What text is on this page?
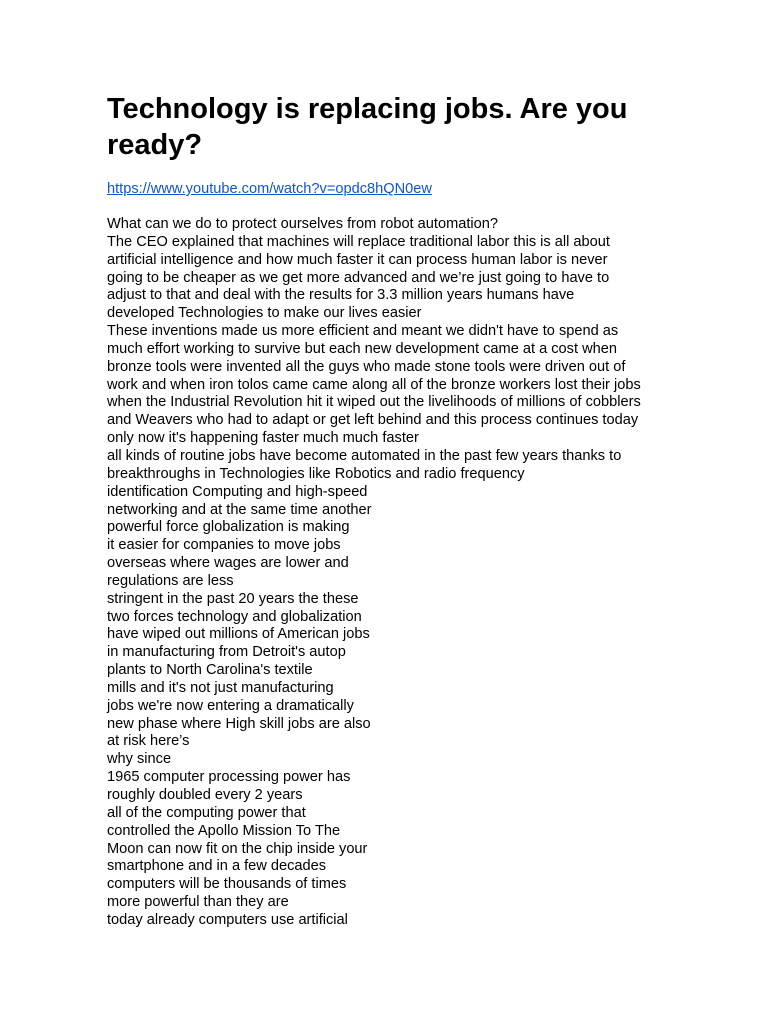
Technology is replacing jobs. Are you ready?
https://www.youtube.com/watch?v=opdc8hQN0ew
What can we do to protect ourselves from robot automation?
The CEO explained that machines will replace traditional labor this is all about
artificial intelligence and how much faster it can process human labor is never
going to be cheaper as we get more advanced and we’re just going to have to
adjust to that and deal with the results for 3.3 million years humans have
developed Technologies to make our lives easier
These inventions made us more efficient and meant we didn't have to spend as
much effort working to survive but each new development came at a cost when
bronze tools were invented all the guys who made stone tools were driven out of
work and when iron tolos came came along all of the bronze workers lost their jobs
when the Industrial Revolution hit it wiped out the livelihoods of millions of cobblers
and Weavers who had to adapt or get left behind and this process continues today
only now it's happening faster much much faster
all kinds of routine jobs have become automated in the past few years thanks to
breakthroughs in Technologies like Robotics and radio frequency
identification Computing and high-speed
networking and at the same time another
powerful force globalization is making
it easier for companies to move jobs
overseas where wages are lower and
regulations are less
stringent in the past 20 years the these
two forces technology and globalization
have wiped out millions of American jobs
in manufacturing from Detroit's autop
plants to North Carolina's textile
mills and it's not just manufacturing
jobs we're now entering a dramatically
new phase where High skill jobs are also
at risk here’s
why since
1965 computer processing power has
roughly doubled every 2 years
all of the computing power that
controlled the Apollo Mission To The
Moon can now fit on the chip inside your
smartphone and in a few decades
computers will be thousands of times
more powerful than they are
today already computers use artificial
